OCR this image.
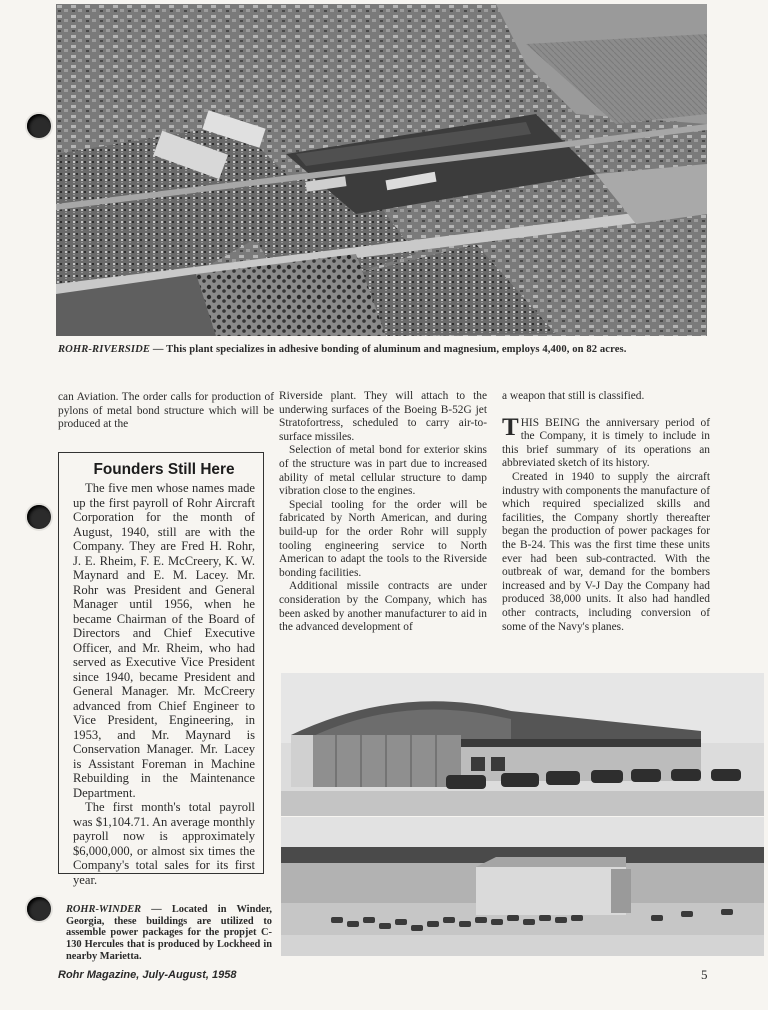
ROHR-RIVERSIDE — This plant specializes in adhesive bonding of aluminum and magnesium, employs 4,400, on 82 acres.
can Aviation. The order calls for production of pylons of metal bond structure which will be produced at the
Founders Still Here

The five men whose names made up the first payroll of Rohr Aircraft Corporation for the month of August, 1940, still are with the Company. They are Fred H. Rohr, J. E. Rheim, F. E. McCreery, K. W. Maynard and E. M. Lacey. Mr. Rohr was President and General Manager until 1956, when he became Chairman of the Board of Directors and Chief Executive Officer, and Mr. Rheim, who had served as Executive Vice President since 1940, became President and General Manager. Mr. McCreery advanced from Chief Engineer to Vice President, Engineering, in 1953, and Mr. Maynard is Conservation Manager. Mr. Lacey is Assistant Foreman in Machine Rebuilding in the Maintenance Department.

The first month's total payroll was $1,104.71. An average monthly payroll now is approximately $6,000,000, or almost six times the Company's total sales for its first year.

Riverside plant. They will attach to the underwing surfaces of the Boeing B-52G jet Stratofortress, scheduled to carry air-to-surface missiles.

Selection of metal bond for exterior skins of the structure was in part due to increased ability of metal cellular structure to damp vibration close to the engines.

Special tooling for the order will be fabricated by North American, and during build-up for the order Rohr will supply tooling engineering service to North American to adapt the tools to the Riverside bonding facilities.

Additional missile contracts are under consideration by the Company, which has been asked by another manufacturer to aid in the advanced development of

a weapon that still is classified.
THIS BEING the anniversary period of the Company, it is timely to include in this brief summary of its operations an abbreviated sketch of its history.

Created in 1940 to supply the aircraft industry with components the manufacture of which required specialized skills and facilities, the Company shortly thereafter began the production of power packages for the B-24. This was the first time these units ever had been sub-contracted. With the outbreak of war, demand for the bombers increased and by V-J Day the Company had produced 38,000 units. It also had handled other contracts, including conversion of some of the Navy's planes.

ROHR-WINDER — Located in Winder, Georgia, these buildings are utilized to assemble power packages for the propjet C-130 Hercules that is produced by Lockheed in nearby Marietta.
Rohr Magazine, July-August, 1958	5
